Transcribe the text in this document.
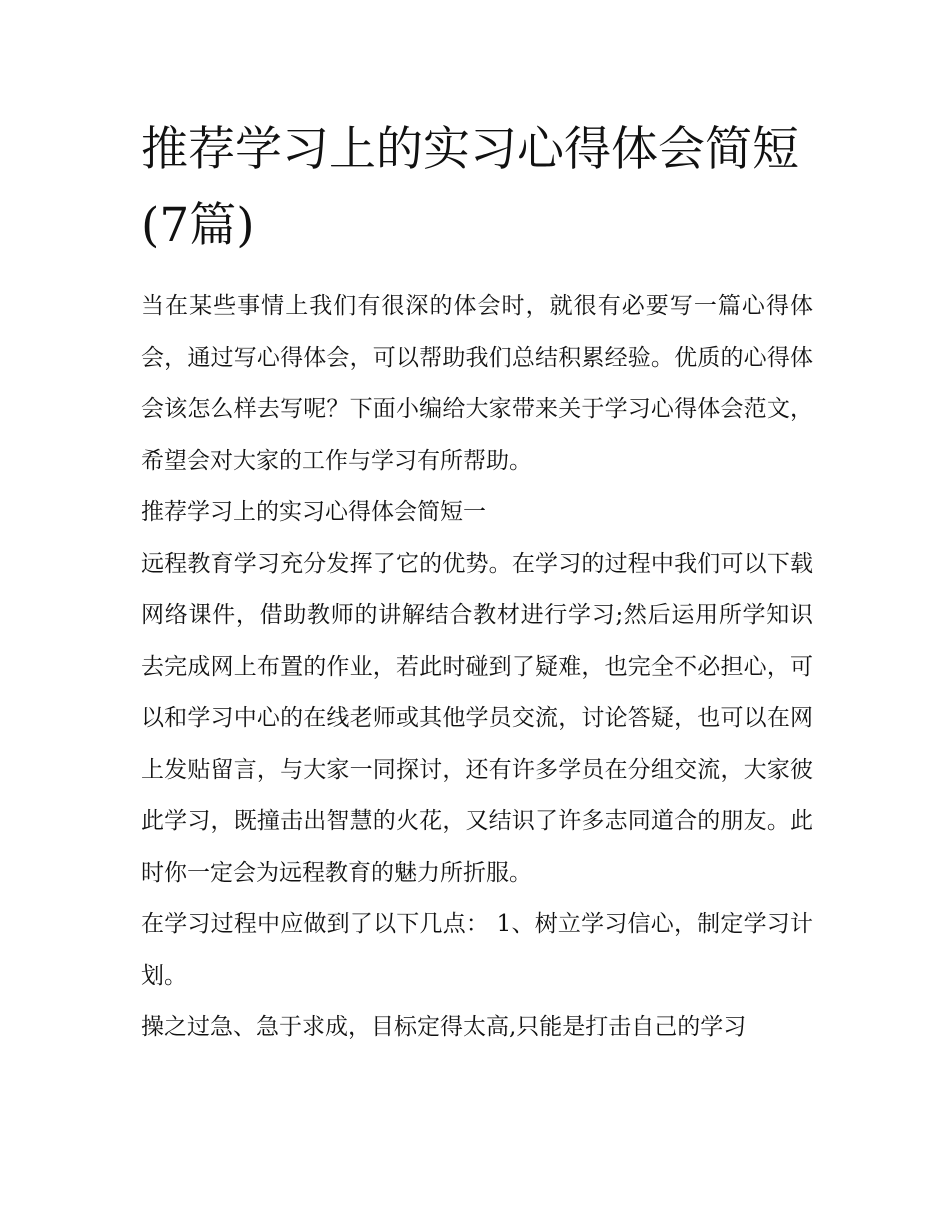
推荐学习上的实习心得体会简短(7篇)

当在某些事情上我们有很深的体会时，就很有必要写一篇心得体会，通过写心得体会，可以帮助我们总结积累经验。优质的心得体会该怎么样去写呢？下面小编给大家带来关于学习心得体会范文，希望会对大家的工作与学习有所帮助。

推荐学习上的实习心得体会简短一

远程教育学习充分发挥了它的优势。在学习的过程中我们可以下载网络课件，借助教师的讲解结合教材进行学习;然后运用所学知识去完成网上布置的作业，若此时碰到了疑难，也完全不必担心，可以和学习中心的在线老师或其他学员交流，讨论答疑，也可以在网上发贴留言，与大家一同探讨，还有许多学员在分组交流，大家彼此学习，既撞击出智慧的火花，又结识了许多志同道合的朋友。此时你一定会为远程教育的魅力所折服。

在学习过程中应做到了以下几点： 1、树立学习信心，制定学习计划。

操之过急、急于求成，目标定得太高,只能是打击自己的学习
